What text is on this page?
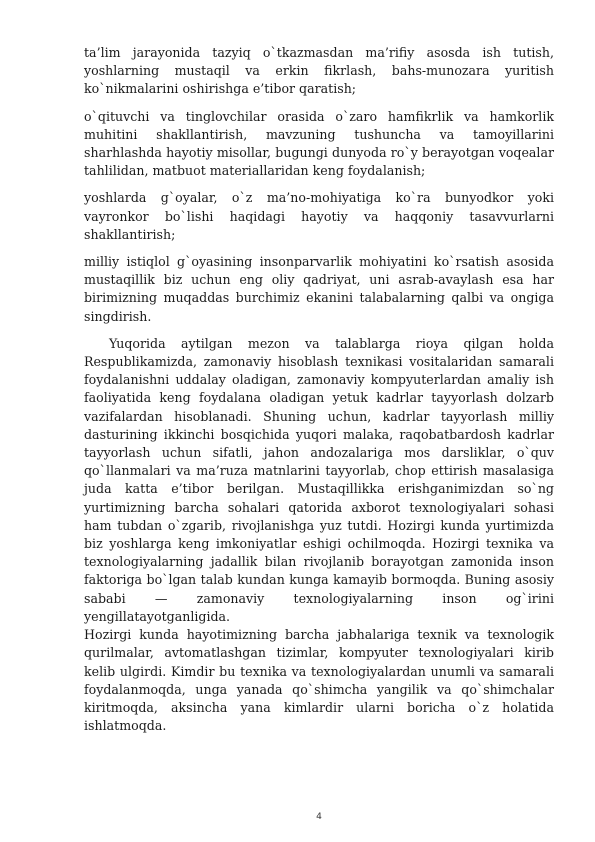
ta’lim jarayonida tazyiq o`tkazmasdan ma’rifiy asosda ish tutish, yoshlarning mustaqil va erkin fikrlash, bahs-munozara yuritish ko`nikmalarini oshirishga e’tibor qaratish;

o`qituvchi va tinglovchilar orasida o`zaro hamfikrlik va hamkorlik muhitini shakllantirish, mavzuning tushuncha va tamoyillarini sharhlashda hayotiy misollar, bugungi dunyoda ro`y berayotgan voqealar tahlilidan, matbuot materiallaridan keng foydalanish;

yoshlarda g`oyalar, o`z ma’no-mohiyatiga ko`ra bunyodkor yoki vayronkor bo`lishi haqidagi hayotiy va haqqoniy tasavvurlarni shakllantirish;

milliy istiqlol g`oyasining insonparvarlik mohiyatini ko`rsatish asosida mustaqillik biz uchun eng oliy qadriyat, uni asrab-avaylash esa har birimizning muqaddas burchimiz ekanini talabalarning qalbi va ongiga singdirish.

Yuqorida aytilgan mezon va talablarga rioya qilgan holda Respublikamizda, zamonaviy hisoblash texnikasi vositalaridan samarali foydalanishni uddalay oladigan, zamonaviy kompyuterlardan amaliy ish faoliyatida keng foydalana oladigan yetuk kadrlar tayyorlash dolzarb vazifalardan hisoblanadi. Shuning uchun, kadrlar tayyorlash milliy dasturining ikkinchi bosqichida yuqori malaka, raqobatbardosh kadrlar tayyorlash uchun sifatli, jahon andozalariga mos darsliklar, o`quv qo`llanmalari va ma’ruza matnlarini tayyorlab, chop ettirish masalasiga juda katta e’tibor berilgan. Mustaqillikka erishganimizdan so`ng yurtimizning barcha sohalari qatorida axborot texnologiyalari sohasi ham tubdan o`zgarib, rivojlanishga yuz tutdi. Hozirgi kunda yurtimizda biz yoshlarga keng imkoniyatlar eshigi ochilmoqda. Hozirgi texnika va texnologiyalarning jadallik bilan rivojlanib borayotgan zamonida inson faktoriga bo`lgan talab kundan kunga kamayib bormoqda. Buning asosiy sababi — zamonaviy texnologiyalarning inson og`irini yengillatayotganligida.

Hozirgi kunda hayotimizning barcha jabhalariga texnik va texnologik qurilmalar, avtomatlashgan tizimlar, kompyuter texnologiyalari kirib kelib ulgirdi. Kimdir bu texnika va texnologiyalardan unumli va samarali foydalanmoqda, unga yanada qo`shimcha yangilik va qo`shimchalar kiritmoqda, aksincha yana kimlardir ularni boricha o`z holatida ishlatmoqda.

4
